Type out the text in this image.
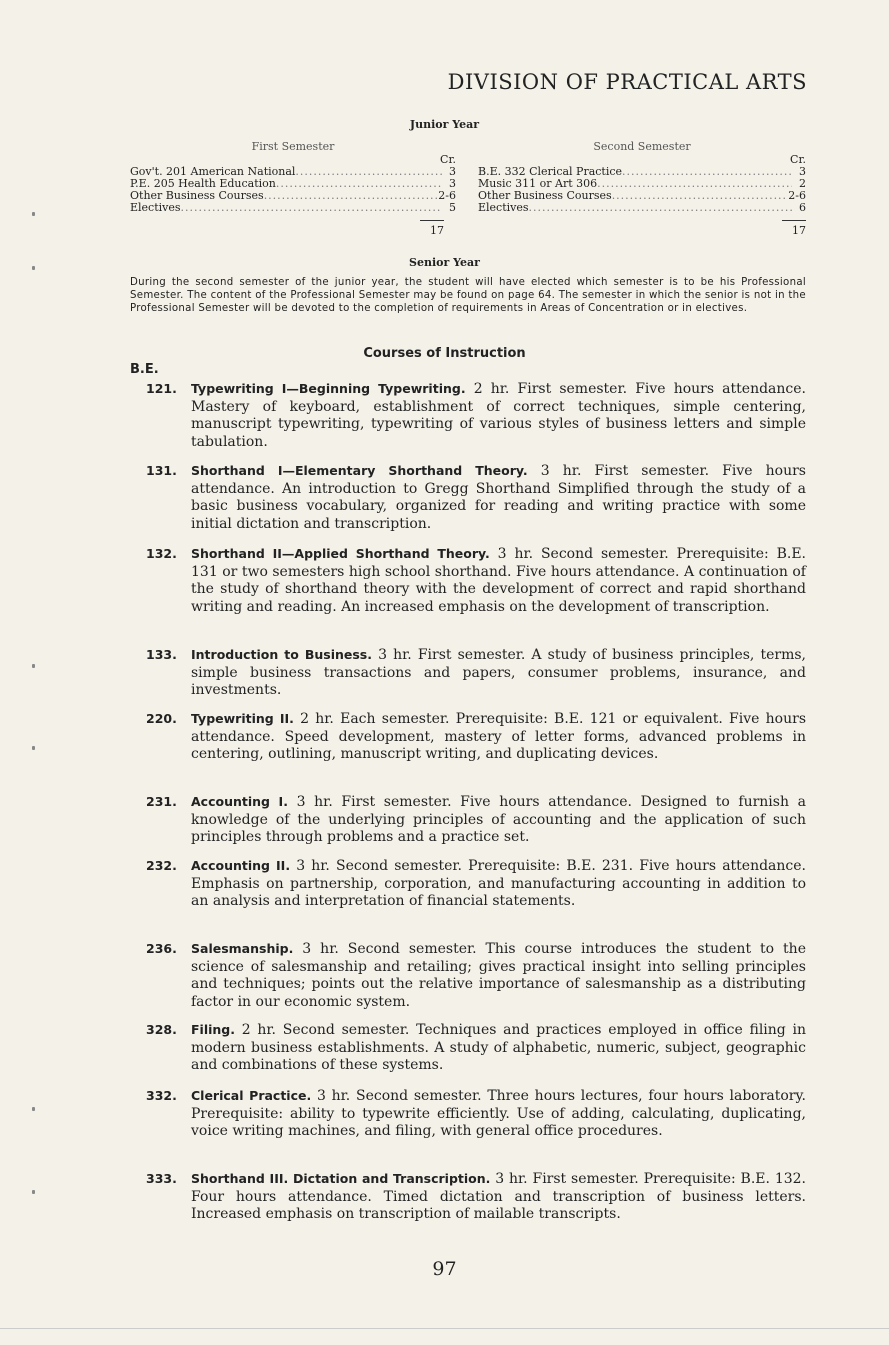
DIVISION OF PRACTICAL ARTS
Junior Year
First Semester
Cr.
Gov't. 201 American National .....	3
P.E. 205 Health Education .....	3
Other Business Courses .....	2-6
Electives .....	5
17
Second Semester
Cr.
B.E. 332 Clerical Practice .....	3
Music 311 or Art 306 .....	2
Other Business Courses .....	2-6
Electives .....	6
17
Senior Year
During the second semester of the junior year, the student will have elected which semester is to be his Professional Semester. The content of the Professional Semester may be found on page 64. The semester in which the senior is not in the Professional Semester will be devoted to the completion of requirements in Areas of Concentration or in electives.
Courses of Instruction
B.E.
121. Typewriting I—Beginning Typewriting. 2 hr. First semester. Five hours attendance. Mastery of keyboard, establishment of correct techniques, simple centering, manuscript typewriting, typewriting of various styles of business letters and simple tabulation.
131. Shorthand I—Elementary Shorthand Theory. 3 hr. First semester. Five hours attendance. An introduction to Gregg Shorthand Simplified through the study of a basic business vocabulary, organized for reading and writing practice with some initial dictation and transcription.
132. Shorthand II—Applied Shorthand Theory. 3 hr. Second semester. Prerequisite: B.E. 131 or two semesters high school shorthand. Five hours attendance. A continuation of the study of shorthand theory with the development of correct and rapid shorthand writing and reading. An increased emphasis on the development of transcription.
133. Introduction to Business. 3 hr. First semester. A study of business principles, terms, simple business transactions and papers, consumer problems, insurance, and investments.
220. Typewriting II. 2 hr. Each semester. Prerequisite: B.E. 121 or equivalent. Five hours attendance. Speed development, mastery of letter forms, advanced problems in centering, outlining, manuscript writing, and duplicating devices.
231. Accounting I. 3 hr. First semester. Five hours attendance. Designed to furnish a knowledge of the underlying principles of accounting and the application of such principles through problems and a practice set.
232. Accounting II. 3 hr. Second semester. Prerequisite: B.E. 231. Five hours attendance. Emphasis on partnership, corporation, and manufacturing accounting in addition to an analysis and interpretation of financial statements.
236. Salesmanship. 3 hr. Second semester. This course introduces the student to the science of salesmanship and retailing; gives practical insight into selling principles and techniques; points out the relative importance of salesmanship as a distributing factor in our economic system.
328. Filing. 2 hr. Second semester. Techniques and practices employed in office filing in modern business establishments. A study of alphabetic, numeric, subject, geographic and combinations of these systems.
332. Clerical Practice. 3 hr. Second semester. Three hours lectures, four hours laboratory. Prerequisite: ability to typewrite efficiently. Use of adding, calculating, duplicating, voice writing machines, and filing, with general office procedures.
333. Shorthand III. Dictation and Transcription. 3 hr. First semester. Prerequisite: B.E. 132. Four hours attendance. Timed dictation and transcription of business letters. Increased emphasis on transcription of mailable transcripts.
97
